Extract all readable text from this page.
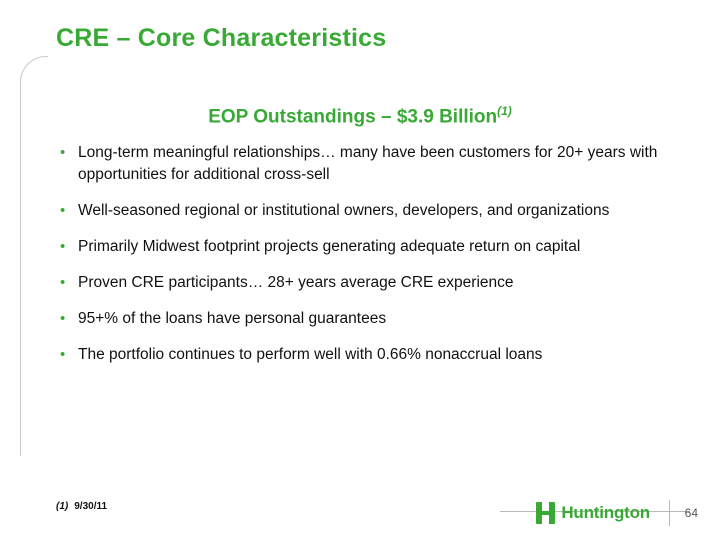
CRE – Core Characteristics
EOP Outstandings – $3.9 Billion$^{(1)}$
• Long-term meaningful relationships… many have been customers for 20+ years with opportunities for additional cross-sell
• Well-seasoned regional or institutional owners, developers, and organizations
• Primarily Midwest footprint projects generating adequate return on capital
• Proven CRE participants… 28+ years average CRE experience
• 95+% of the loans have personal guarantees
• The portfolio continues to perform well with 0.66% nonaccrual loans
(1) 9/30/11	Huntington	64
